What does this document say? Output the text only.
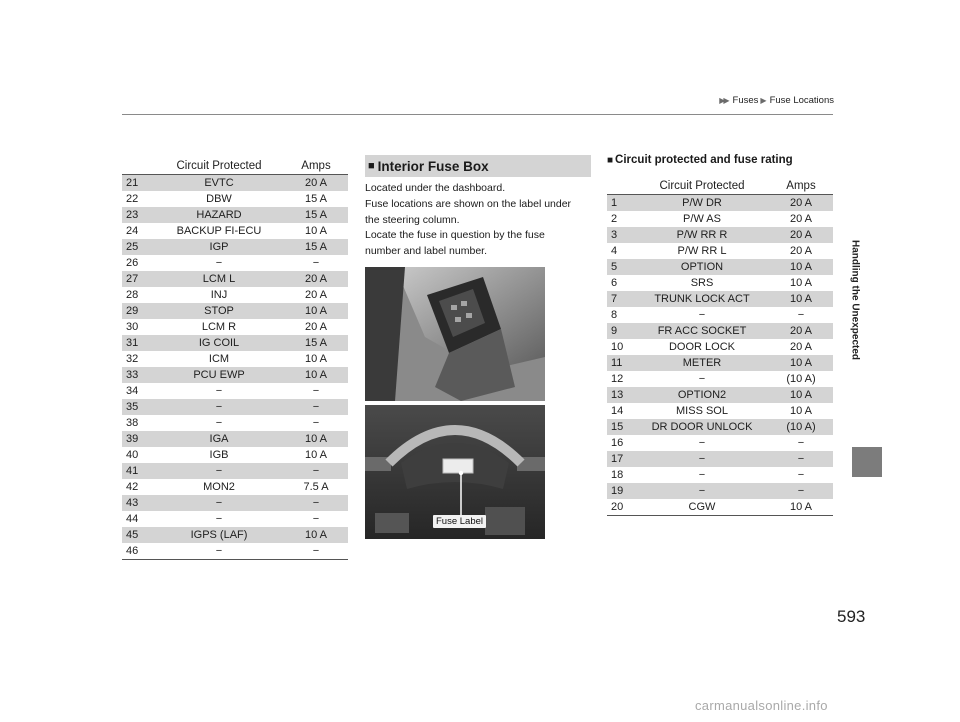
▶▶ Fuses ▶ Fuse Locations
Handling the Unexpected
	Circuit Protected	Amps
21	EVTC	20 A
22	DBW	15 A
23	HAZARD	15 A
24	BACKUP FI-ECU	10 A
25	IGP	15 A
26	−	−
27	LCM L	20 A
28	INJ	20 A
29	STOP	10 A
30	LCM R	20 A
31	IG COIL	15 A
32	ICM	10 A
33	PCU EWP	10 A
34	−	−
35	−	−
38	−	−
39	IGA	10 A
40	IGB	10 A
41	−	−
42	MON2	7.5 A
43	−	−
44	−	−
45	IGPS (LAF)	10 A
46	−	−
■ Interior Fuse Box

Located under the dashboard.
Fuse locations are shown on the label under
the steering column.
Locate the fuse in question by the fuse
number and label number.

Fuse Label
■ Circuit protected and fuse rating
	Circuit Protected	Amps
1	P/W DR	20 A
2	P/W AS	20 A
3	P/W RR R	20 A
4	P/W RR L	20 A
5	OPTION	10 A
6	SRS	10 A
7	TRUNK LOCK ACT	10 A
8	−	−
9	FR ACC SOCKET	20 A
10	DOOR LOCK	20 A
11	METER	10 A
12	−	(10 A)
13	OPTION2	10 A
14	MISS SOL	10 A
15	DR DOOR UNLOCK	(10 A)
16	−	−
17	−	−
18	−	−
19	−	−
20	CGW	10 A
593
carmanualsonline.info
